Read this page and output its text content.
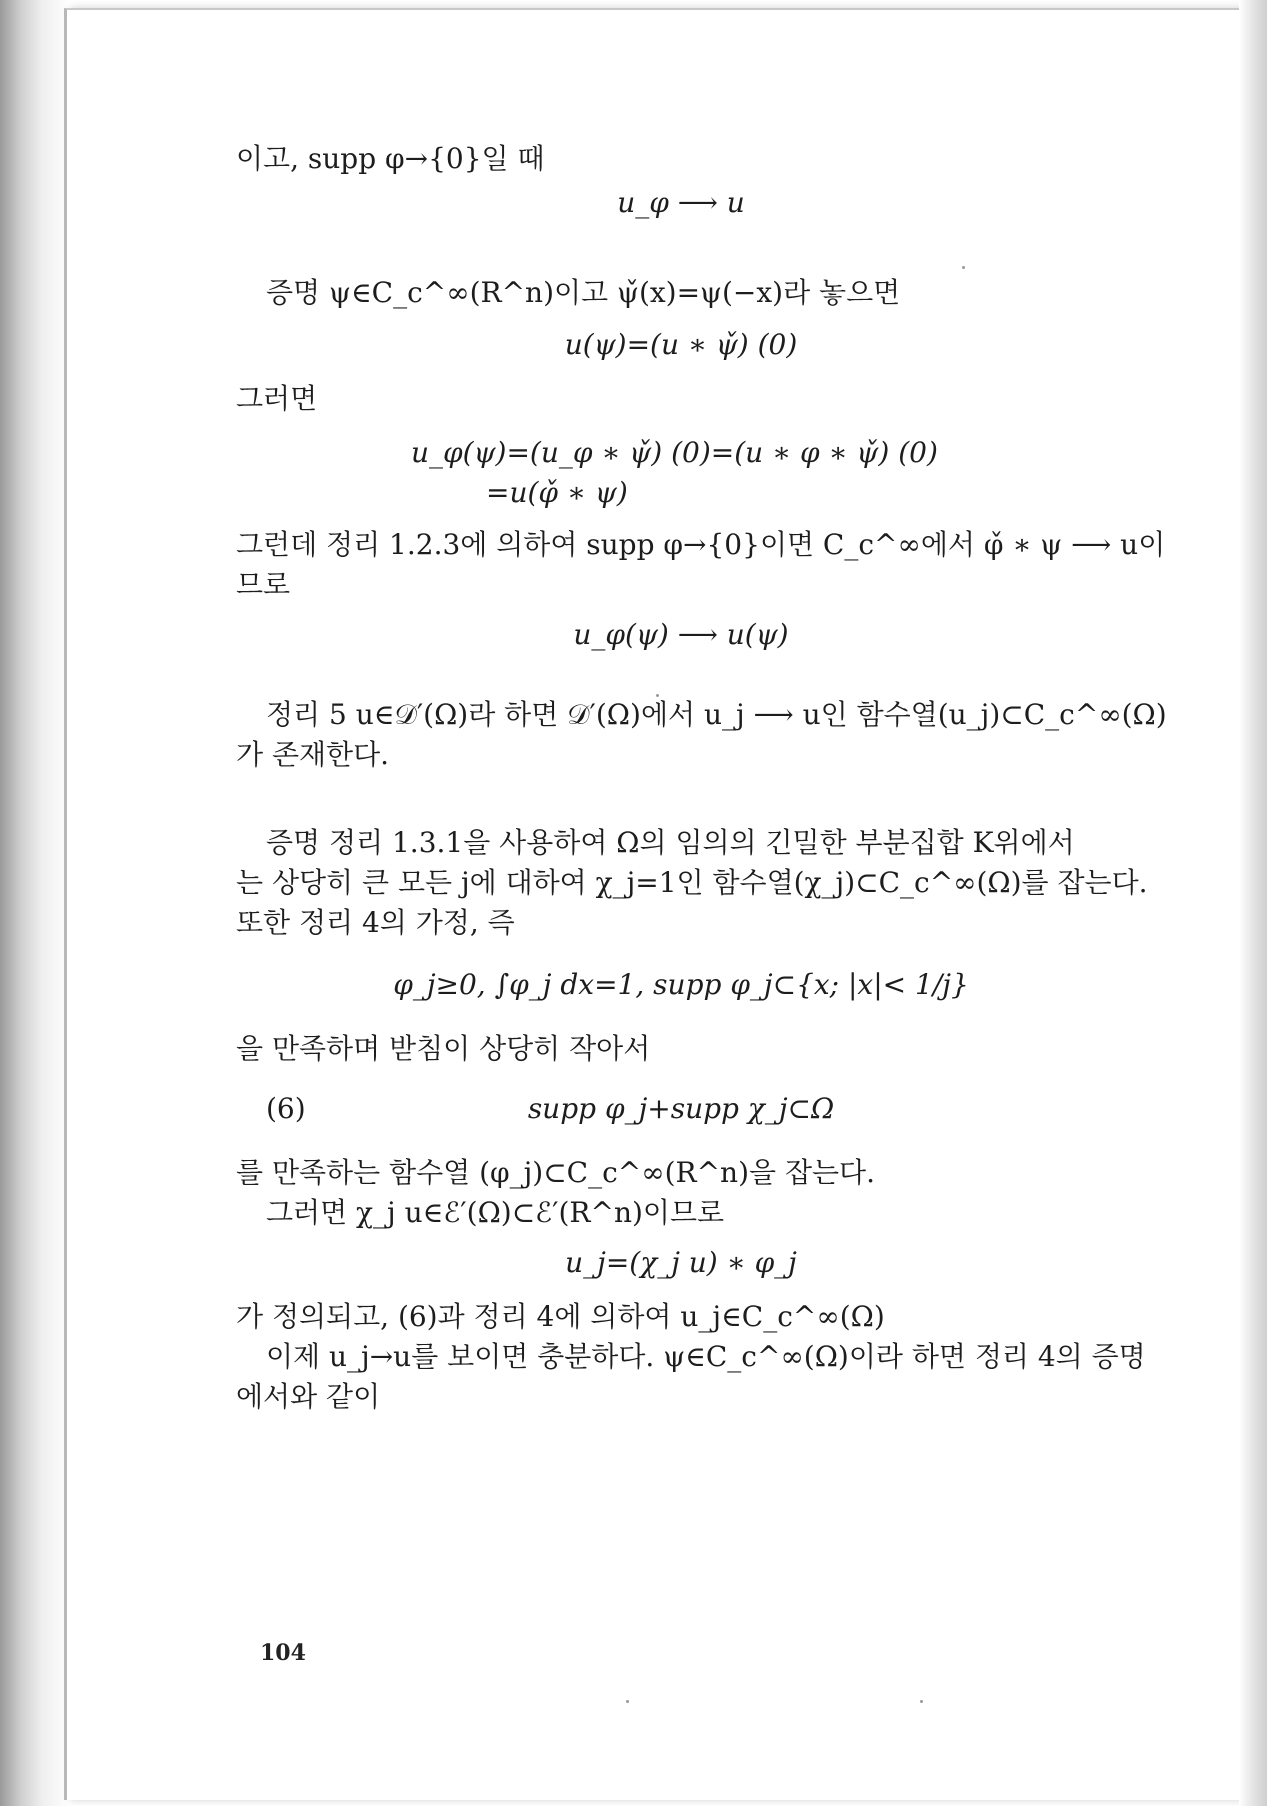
이고, supp φ→{0}일 때
u_φ ⟶ u
증명 ψ∈C_c^∞(R^n)이고 ψ̌(x)=ψ(−x)라 놓으면
u(ψ)=(u ∗ ψ̌) (0)
그러면
u_φ(ψ)=(u_φ ∗ ψ̌) (0)=(u ∗ φ ∗ ψ̌) (0)
=u(φ̌ ∗ ψ)
그런데 정리 1.2.3에 의하여 supp φ→{0}이면 C_c^∞에서 φ̌ ∗ ψ ⟶ u이
므로
u_φ(ψ) ⟶ u(ψ)
정리 5 u∈𝒟′(Ω)라 하면 𝒟′(Ω)에서 u_j ⟶ u인 함수열(u_j)⊂C_c^∞(Ω)
가 존재한다.
증명 정리 1.3.1을 사용하여 Ω의 임의의 긴밀한 부분집합 K위에서
는 상당히 큰 모든 j에 대하여 χ_j=1인 함수열(χ_j)⊂C_c^∞(Ω)를 잡는다.
또한 정리 4의 가정, 즉
φ_j≥0, ∫φ_j dx=1, supp φ_j⊂{x; |x|< 1/j}
을 만족하며 받침이 상당히 작아서
(6)	supp φ_j+supp χ_j⊂Ω
를 만족하는 함수열 (φ_j)⊂C_c^∞(R^n)을 잡는다.
그러면 χ_j u∈ℰ′(Ω)⊂ℰ′(R^n)이므로
u_j=(χ_j u) ∗ φ_j
가 정의되고, (6)과 정리 4에 의하여 u_j∈C_c^∞(Ω)
이제 u_j→u를 보이면 충분하다. ψ∈C_c^∞(Ω)이라 하면 정리 4의 증명
에서와 같이
104
